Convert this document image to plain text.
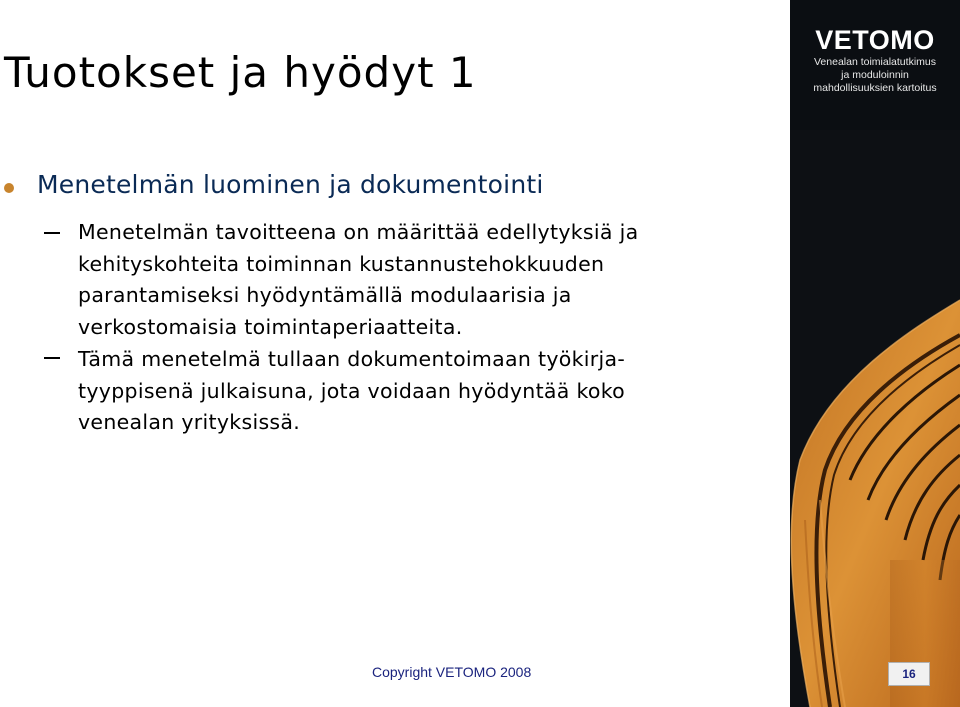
VETOMO
Venealan toimialatutkimus
ja moduloinnin
mahdollisuuksien kartoitus
Tuotokset ja hyödyt 1
Menetelmän luominen ja dokumentointi
Menetelmän tavoitteena on määrittää edellytyksiä ja kehityskohteita toiminnan kustannustehokkuuden parantamiseksi hyödyntämällä modulaarisia ja verkostomaisia toimintaperiaatteita.
Tämä menetelmä tullaan dokumentoimaan työkirja-tyyppisenä julkaisuna, jota voidaan hyödyntää koko venealan yrityksissä.
Copyright VETOMO 2008	16
